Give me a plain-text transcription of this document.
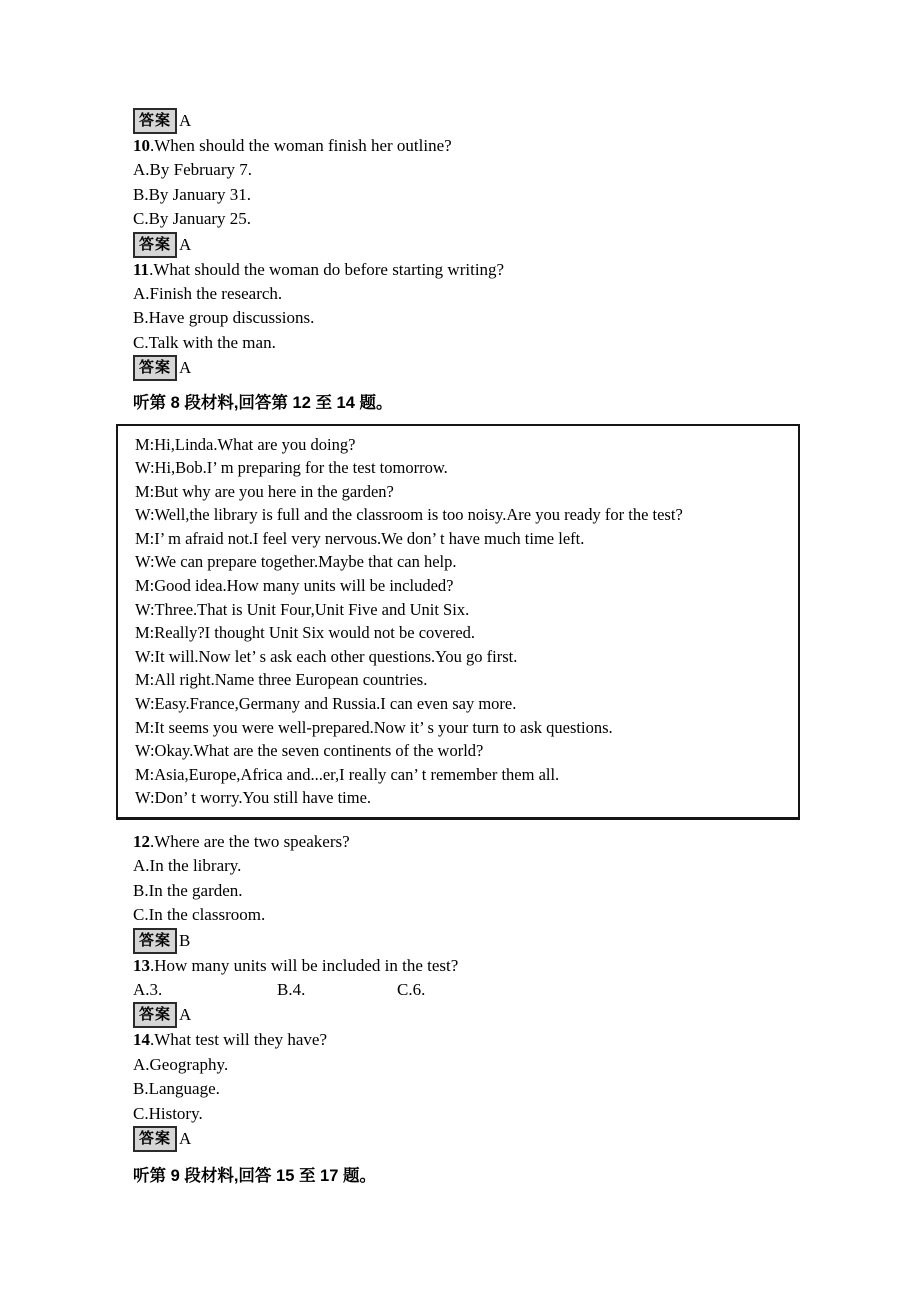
答案 A
10.When should the woman finish her outline?
A.By February 7.
B.By January 31.
C.By January 25.
答案 A
11.What should the woman do before starting writing?
A.Finish the research.
B.Have group discussions.
C.Talk with the man.
答案 A
听第 8 段材料,回答第 12 至 14 题。
M:Hi,Linda.What are you doing?
W:Hi,Bob.I’ m preparing for the test tomorrow.
M:But why are you here in the garden?
W:Well,the library is full and the classroom is too noisy.Are you ready for the test?
M:I’ m afraid not.I feel very nervous.We don’ t have much time left.
W:We can prepare together.Maybe that can help.
M:Good idea.How many units will be included?
W:Three.That is Unit Four,Unit Five and Unit Six.
M:Really?I thought Unit Six would not be covered.
W:It will.Now let’ s ask each other questions.You go first.
M:All right.Name three European countries.
W:Easy.France,Germany and Russia.I can even say more.
M:It seems you were well-prepared.Now it’ s your turn to ask questions.
W:Okay.What are the seven continents of the world?
M:Asia,Europe,Africa and...er,I really can’ t remember them all.
W:Don’ t worry.You still have time.
12.Where are the two speakers?
A.In the library.
B.In the garden.
C.In the classroom.
答案 B
13.How many units will be included in the test?
A.3.	B.4.	C.6.
答案 A
14.What test will they have?
A.Geography.
B.Language.
C.History.
答案 A
听第 9 段材料,回答 15 至 17 题。
